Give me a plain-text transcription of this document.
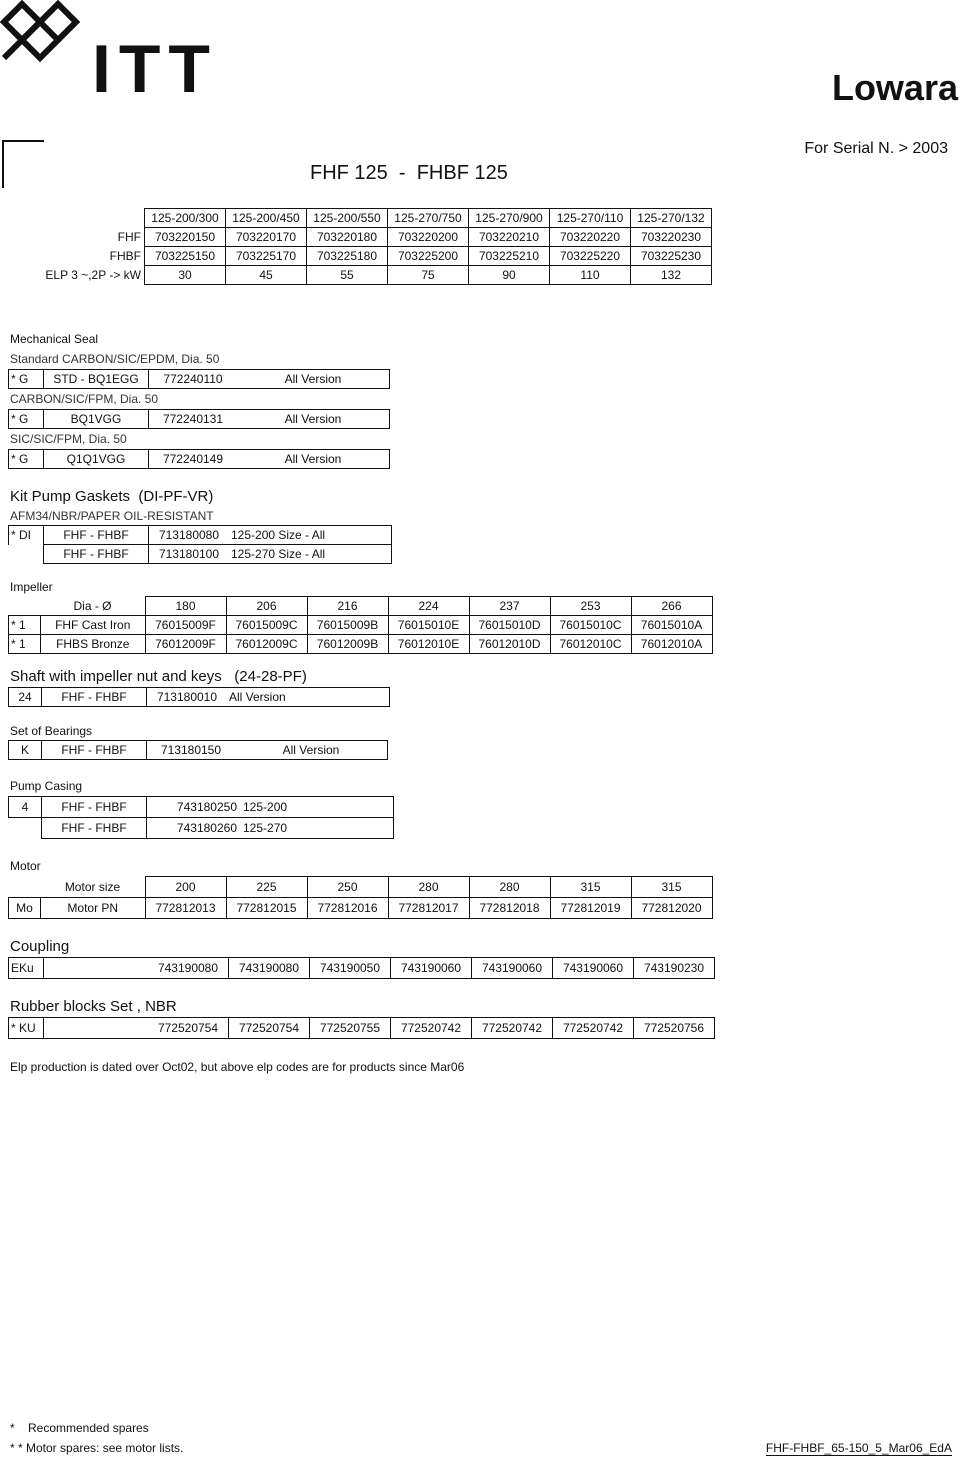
ITT	Lowara
For Serial N. > 2003
FHF 125  -  FHBF 125
	125-200/300	125-200/450	125-200/550	125-270/750	125-270/900	125-270/110	125-270/132
FHF	703220150	703220170	703220180	703220200	703220210	703220220	703220230
FHBF	703225150	703225170	703225180	703225200	703225210	703225220	703225230
ELP 3 ~,2P -> kW	30	45	55	75	90	110	132
Mechanical Seal
Standard CARBON/SIC/EPDM, Dia. 50
* G	STD - BQ1EGG	772240110	All Version
CARBON/SIC/FPM, Dia. 50
* G	BQ1VGG	772240131	All Version
SIC/SIC/FPM, Dia. 50
* G	Q1Q1VGG	772240149	All Version
Kit Pump Gaskets (DI-PF-VR)
AFM34/NBR/PAPER OIL-RESISTANT
* DI	FHF - FHBF	713180080	125-200 Size - All
	FHF - FHBF	713180100	125-270 Size - All
Impeller
	Dia - Ø	180	206	216	224	237	253	266
* 1	FHF Cast Iron	76015009F	76015009C	76015009B	76015010E	76015010D	76015010C	76015010A
* 1	FHBS Bronze	76012009F	76012009C	76012009B	76012010E	76012010D	76012010C	76012010A
Shaft with impeller nut and keys (24-28-PF)
24	FHF - FHBF	713180010	All Version
Set of Bearings
K	FHF - FHBF	713180150	All Version
Pump Casing
4	FHF - FHBF	743180250	125-200
	FHF - FHBF	743180260	125-270
Motor
	Motor size	200	225	250	280	280	315	315
Mo	Motor PN	772812013	772812015	772812016	772812017	772812018	772812019	772812020
Coupling
EKu		743190080	743190080	743190050	743190060	743190060	743190060	743190230
Rubber blocks Set , NBR
* KU		772520754	772520754	772520755	772520742	772520742	772520742	772520756
Elp production is dated over Oct02, but above elp codes are for products since Mar06
*    Recommended spares
* * Motor spares: see motor lists.	FHF-FHBF_65-150_5_Mar06_EdA
